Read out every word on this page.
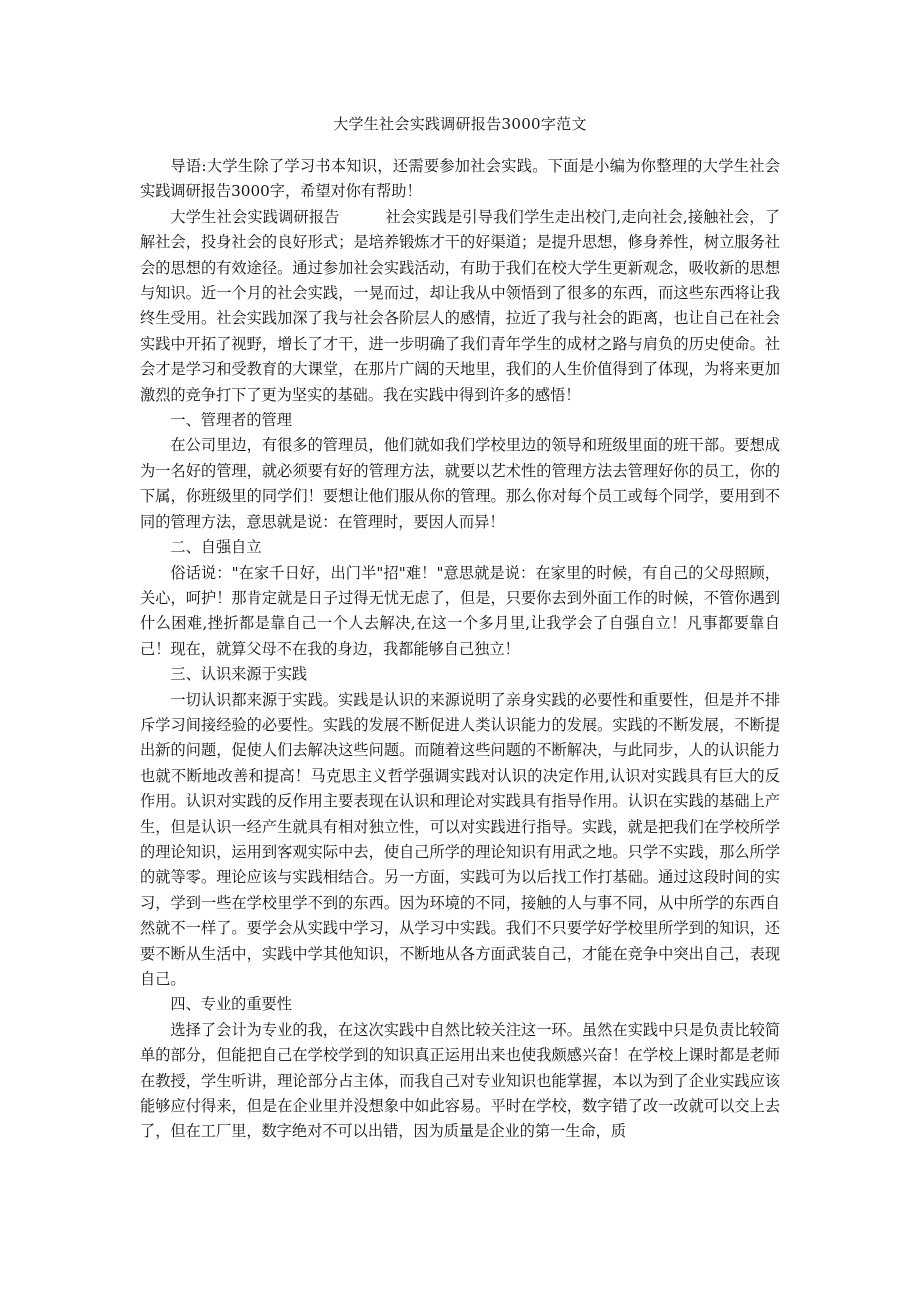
大学生社会实践调研报告3000字范文

导语:大学生除了学习书本知识，还需要参加社会实践。下面是小编为你整理的大学生社会实践调研报告3000字，希望对你有帮助！

大学生社会实践调研报告	社会实践是引导我们学生走出校门,走向社会,接触社会，了解社会，投身社会的良好形式；是培养锻炼才干的好渠道；是提升思想，修身养性，树立服务社会的思想的有效途径。通过参加社会实践活动，有助于我们在校大学生更新观念，吸收新的思想与知识。近一个月的社会实践，一晃而过，却让我从中领悟到了很多的东西，而这些东西将让我终生受用。社会实践加深了我与社会各阶层人的感情，拉近了我与社会的距离，也让自己在社会实践中开拓了视野，增长了才干，进一步明确了我们青年学生的成材之路与肩负的历史使命。社会才是学习和受教育的大课堂，在那片广阔的天地里，我们的人生价值得到了体现，为将来更加激烈的竞争打下了更为坚实的基础。我在实践中得到许多的感悟！

一、管理者的管理

在公司里边，有很多的管理员，他们就如我们学校里边的领导和班级里面的班干部。要想成为一名好的管理，就必须要有好的管理方法，就要以艺术性的管理方法去管理好你的员工，你的下属，你班级里的同学们！要想让他们服从你的管理。那么你对每个员工或每个同学，要用到不同的管理方法，意思就是说：在管理时，要因人而异！

二、自强自立

俗话说："在家千日好，出门半"招"难！"意思就是说：在家里的时候，有自己的父母照顾，关心，呵护！那肯定就是日子过得无忧无虑了，但是，只要你去到外面工作的时候，不管你遇到什么困难,挫折都是靠自己一个人去解决,在这一个多月里,让我学会了自强自立！凡事都要靠自己！现在，就算父母不在我的身边，我都能够自己独立！

三、认识来源于实践

一切认识都来源于实践。实践是认识的来源说明了亲身实践的必要性和重要性，但是并不排斥学习间接经验的必要性。实践的发展不断促进人类认识能力的发展。实践的不断发展，不断提出新的问题，促使人们去解决这些问题。而随着这些问题的不断解决，与此同步，人的认识能力也就不断地改善和提高！马克思主义哲学强调实践对认识的决定作用,认识对实践具有巨大的反作用。认识对实践的反作用主要表现在认识和理论对实践具有指导作用。认识在实践的基础上产生，但是认识一经产生就具有相对独立性，可以对实践进行指导。实践，就是把我们在学校所学的理论知识，运用到客观实际中去，使自己所学的理论知识有用武之地。只学不实践，那么所学的就等零。理论应该与实践相结合。另一方面，实践可为以后找工作打基础。通过这段时间的实习，学到一些在学校里学不到的东西。因为环境的不同，接触的人与事不同，从中所学的东西自然就不一样了。要学会从实践中学习，从学习中实践。我们不只要学好学校里所学到的知识，还要不断从生活中，实践中学其他知识，不断地从各方面武装自己，才能在竞争中突出自己，表现自己。

四、专业的重要性

选择了会计为专业的我，在这次实践中自然比较关注这一环。虽然在实践中只是负责比较简单的部分，但能把自己在学校学到的知识真正运用出来也使我颇感兴奋！在学校上课时都是老师在教授，学生听讲，理论部分占主体，而我自己对专业知识也能掌握，本以为到了企业实践应该能够应付得来，但是在企业里并没想象中如此容易。平时在学校，数字错了改一改就可以交上去了，但在工厂里，数字绝对不可以出错，因为质量是企业的第一生命，质
